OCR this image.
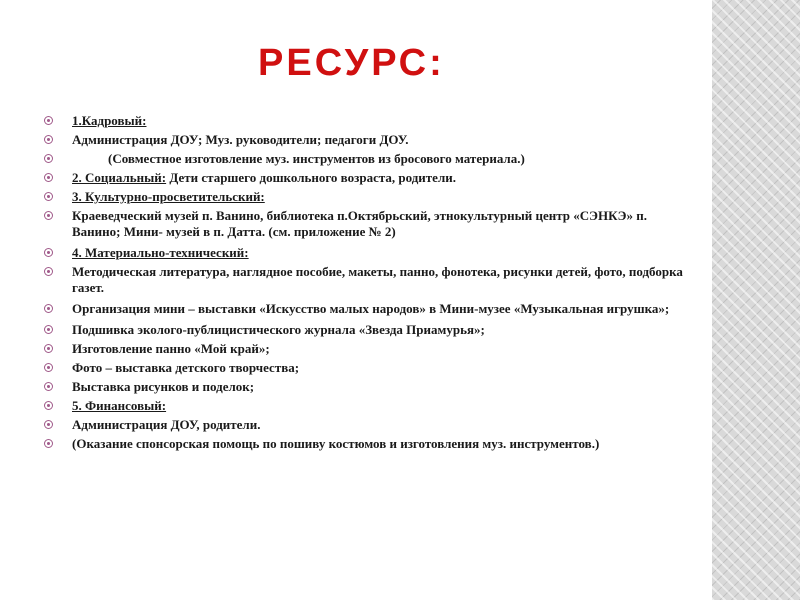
РЕСУРС:
1.Кадровый:
Администрация ДОУ; Муз. руководители; педагоги ДОУ.
(Совместное изготовление муз. инструментов из бросового материала.)
2. Социальный: Дети старшего дошкольного возраста, родители.
3. Культурно-просветительский:
Краеведческий музей п. Ванино, библиотека п.Октябрьский, этнокультурный центр «СЭНКЭ» п. Ванино; Мини- музей в п. Датта. (см. приложение № 2)
4. Материально-технический:
Методическая литература, наглядное пособие, макеты, панно, фонотека, рисунки детей, фото, подборка газет.
Организация мини – выставки «Искусство малых народов» в Мини-музее «Музыкальная игрушка»;
Подшивка эколого-публицистического журнала «Звезда Приамурья»;
Изготовление панно «Мой край»;
Фото – выставка детского творчества;
Выставка рисунков и поделок;
5. Финансовый:
Администрация ДОУ, родители.
(Оказание спонсорская помощь по пошиву костюмов и изготовления муз. инструментов.)
